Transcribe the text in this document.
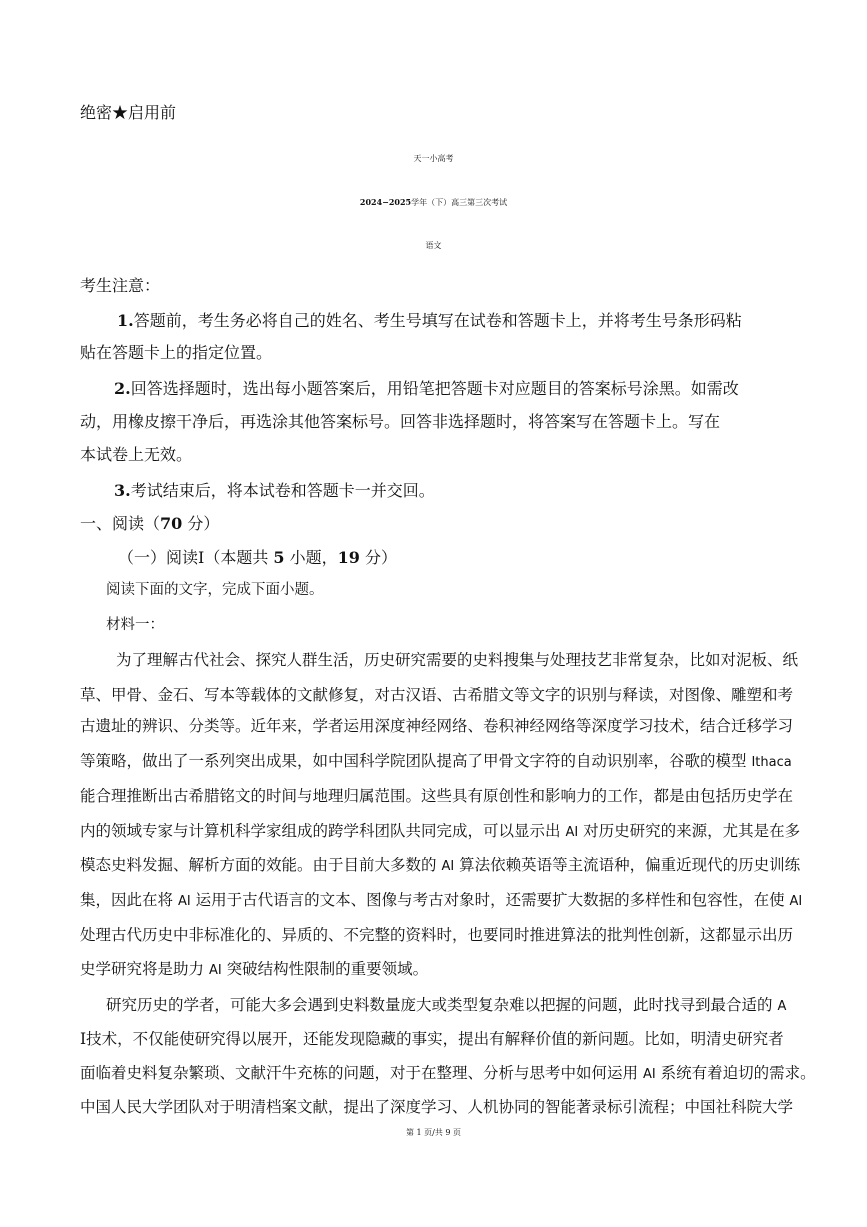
绝密★启用前
天一小高考
2024−2025学年（下）高三第三次考试
语文
考生注意：
1.答题前，考生务必将自己的姓名、考生号填写在试卷和答题卡上，并将考生号条形码粘
贴在答题卡上的指定位置。
2.回答选择题时，选出每小题答案后，用铅笔把答题卡对应题目的答案标号涂黑。如需改
动，用橡皮擦干净后，再选涂其他答案标号。回答非选择题时，将答案写在答题卡上。写在
本试卷上无效。
3.考试结束后，将本试卷和答题卡一并交回。
一、阅读（70 分）
（一）阅读Ⅰ（本题共 5 小题，19 分）
阅读下面的文字，完成下面小题。
材料一：
为了理解古代社会、探究人群生活，历史研究需要的史料搜集与处理技艺非常复杂，比如对泥板、纸
草、甲骨、金石、写本等载体的文献修复，对古汉语、古希腊文等文字的识别与释读，对图像、雕塑和考
古遗址的辨识、分类等。近年来，学者运用深度神经网络、卷积神经网络等深度学习技术，结合迁移学习
等策略，做出了一系列突出成果，如中国科学院团队提高了甲骨文字符的自动识别率，谷歌的模型 Ithaca
能合理推断出古希腊铭文的时间与地理归属范围。这些具有原创性和影响力的工作，都是由包括历史学在
内的领域专家与计算机科学家组成的跨学科团队共同完成，可以显示出 AI 对历史研究的来源，尤其是在多
模态史料发掘、解析方面的效能。由于目前大多数的 AI 算法依赖英语等主流语种，偏重近现代的历史训练
集，因此在将 AI 运用于古代语言的文本、图像与考古对象时，还需要扩大数据的多样性和包容性，在使 AI
处理古代历史中非标准化的、异质的、不完整的资料时，也要同时推进算法的批判性创新，这都显示出历
史学研究将是助力 AI 突破结构性限制的重要领域。
研究历史的学者，可能大多会遇到史料数量庞大或类型复杂难以把握的问题，此时找寻到最合适的 A
I技术，不仅能使研究得以展开，还能发现隐藏的事实，提出有解释价值的新问题。比如，明清史研究者
面临着史料复杂繁琐、文献汗牛充栋的问题，对于在整理、分析与思考中如何运用 AI 系统有着迫切的需求。
中国人民大学团队对于明清档案文献，提出了深度学习、人机协同的智能著录标引流程；中国社科院大学
第 1 页/共 9 页
